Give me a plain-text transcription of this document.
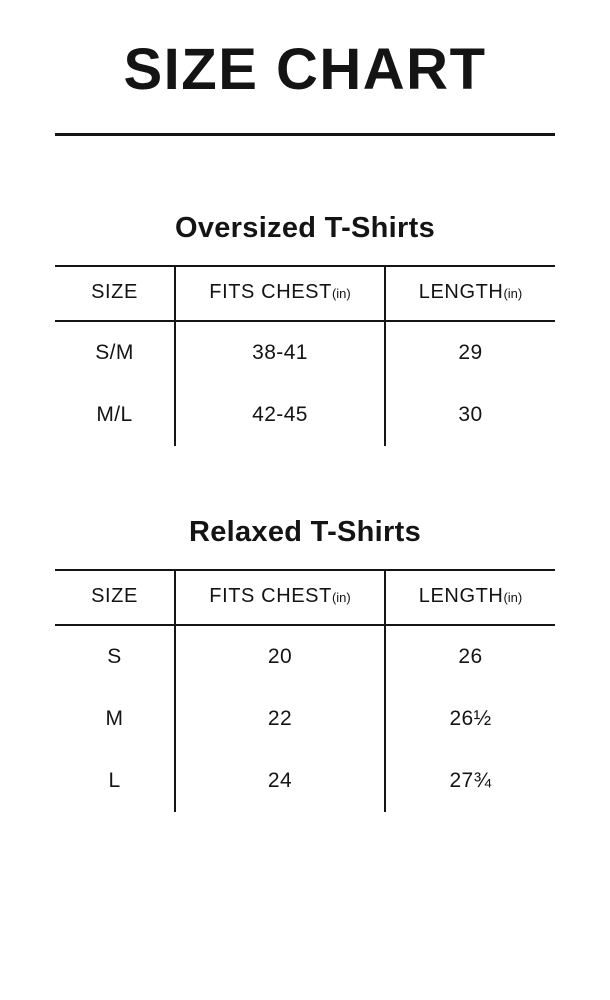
SIZE CHART
Oversized T-Shirts
SIZE	FITS CHEST(in)	LENGTH(in)
S/M	38-41	29
M/L	42-45	30
Relaxed T-Shirts
SIZE	FITS CHEST(in)	LENGTH(in)
S	20	26
M	22	26½
L	24	27¾
